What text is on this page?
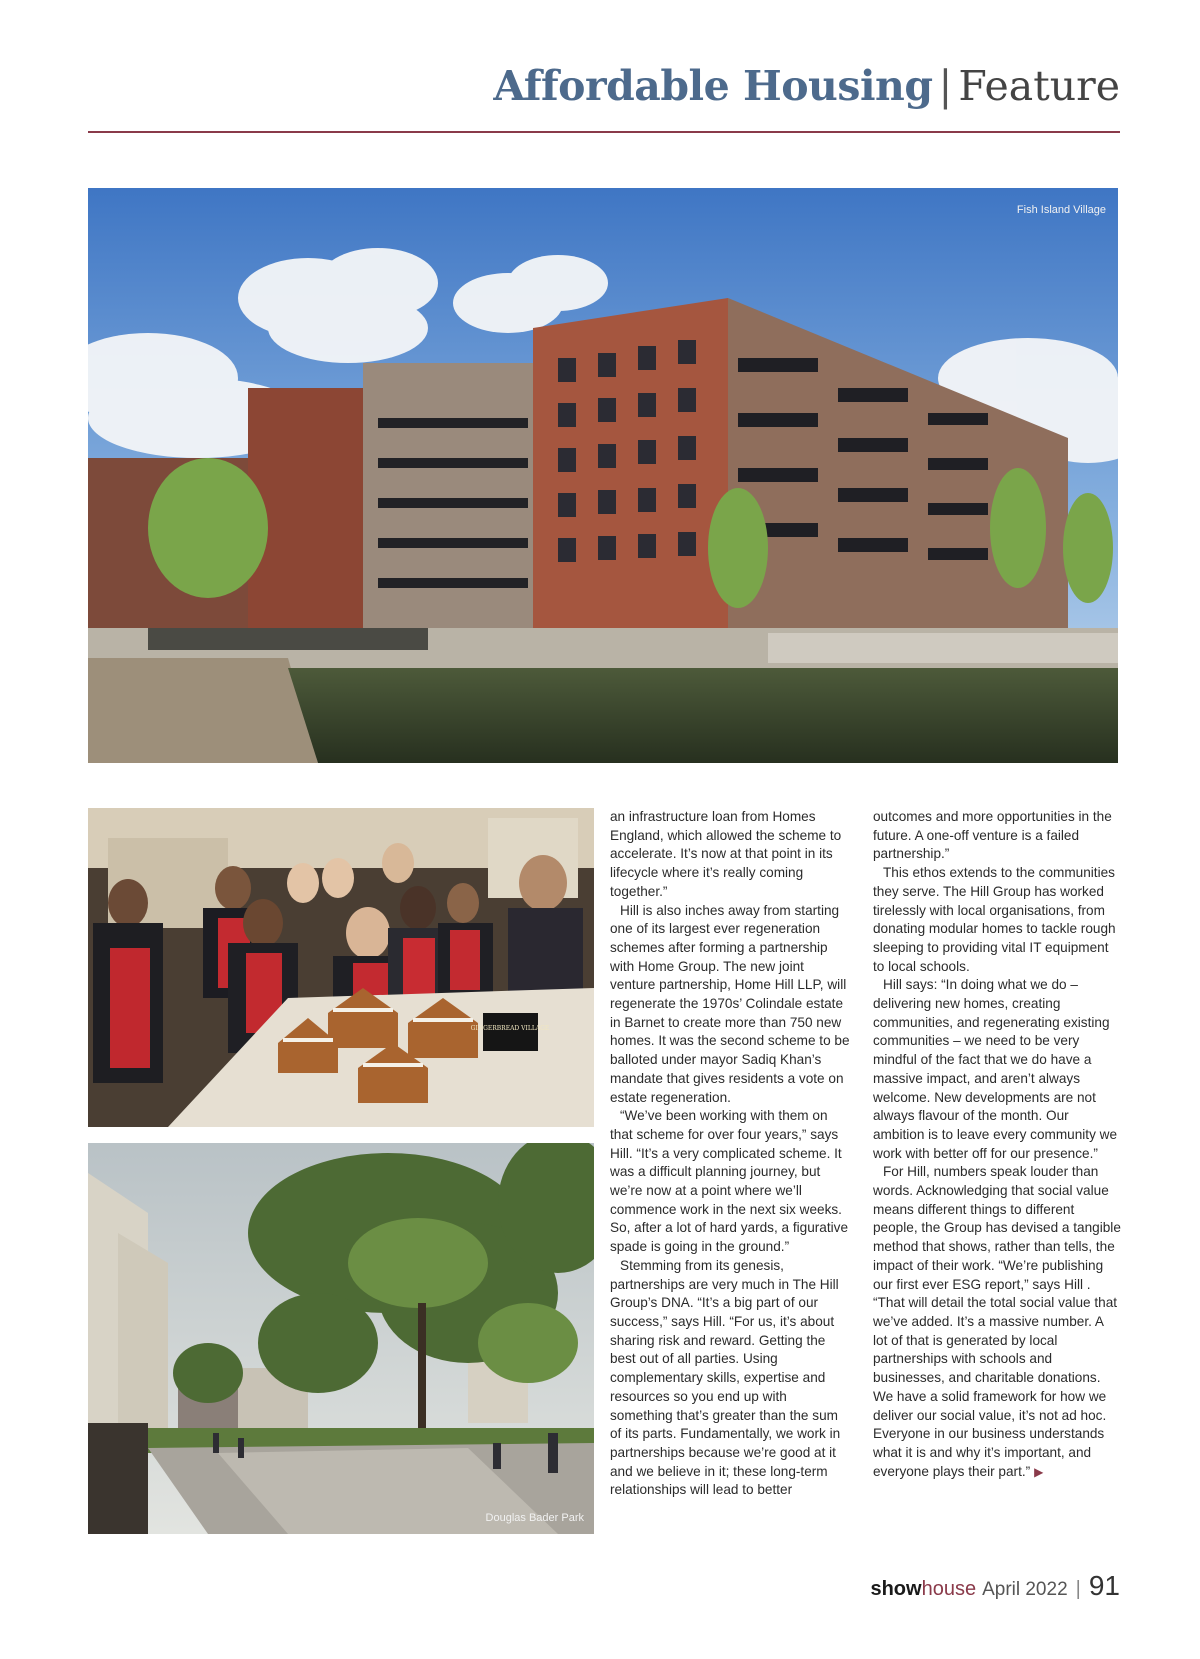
Affordable Housing | Feature
Fish Island Village
GINGERBREAD VILLAGE
Douglas Bader Park

an infrastructure loan from Homes England, which allowed the scheme to accelerate. It’s now at that point in its lifecycle where it’s really coming together.”

Hill is also inches away from starting one of its largest ever regeneration schemes after forming a partnership with Home Group. The new joint venture partnership, Home Hill LLP, will regenerate the 1970s’ Colindale estate in Barnet to create more than 750 new homes. It was the second scheme to be balloted under mayor Sadiq Khan’s mandate that gives residents a vote on estate regeneration.

“We’ve been working with them on that scheme for over four years,” says Hill. “It’s a very complicated scheme. It was a difficult planning journey, but we’re now at a point where we’ll commence work in the next six weeks. So, after a lot of hard yards, a figurative spade is going in the ground.”

Stemming from its genesis, partnerships are very much in The Hill Group’s DNA. “It’s a big part of our success,” says Hill. “For us, it’s about sharing risk and reward. Getting the best out of all parties. Using complementary skills, expertise and resources so you end up with something that’s greater than the sum of its parts. Fundamentally, we work in partnerships because we’re good at it and we believe in it; these long-term relationships will lead to better

outcomes and more opportunities in the future. A one-off venture is a failed partnership.”

This ethos extends to the communities they serve. The Hill Group has worked tirelessly with local organisations, from donating modular homes to tackle rough sleeping to providing vital IT equipment to local schools.

Hill says: “In doing what we do – delivering new homes, creating communities, and regenerating existing communities – we need to be very mindful of the fact that we do have a massive impact, and aren’t always welcome. New developments are not always flavour of the month. Our ambition is to leave every community we work with better off for our presence.”

For Hill, numbers speak louder than words. Acknowledging that social value means different things to different people, the Group has devised a tangible method that shows, rather than tells, the impact of their work. “We’re publishing our first ever ESG report,” says Hill . “That will detail the total social value that we’ve added. It’s a massive number. A lot of that is generated by local partnerships with schools and businesses, and charitable donations. We have a solid framework for how we deliver our social value, it’s not ad hoc. Everyone in our business understands what it is and why it’s important, and everyone plays their part.” ▶

show house April 2022 | 91
